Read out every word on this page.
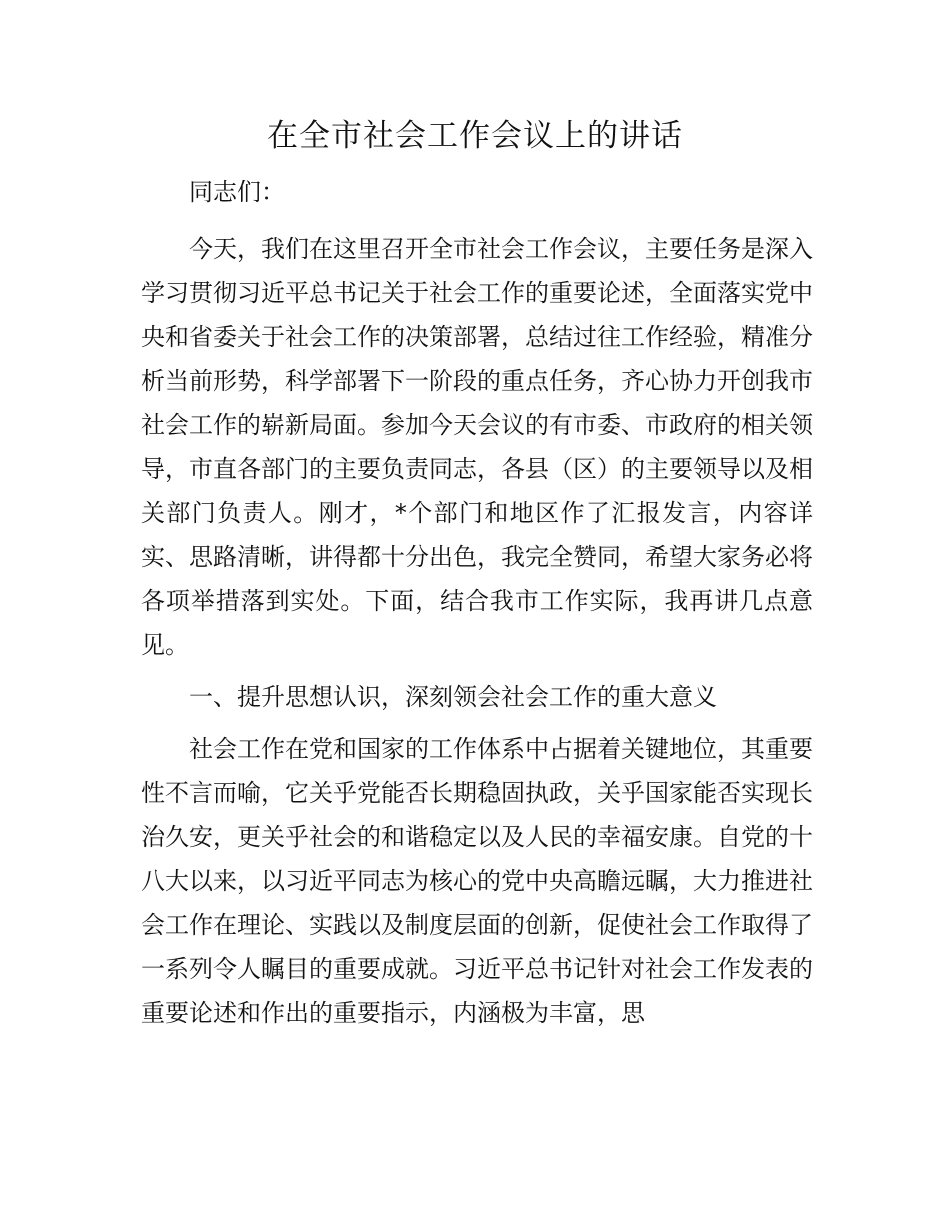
在全市社会工作会议上的讲话

同志们：

今天，我们在这里召开全市社会工作会议，主要任务是深入学习贯彻习近平总书记关于社会工作的重要论述，全面落实党中央和省委关于社会工作的决策部署，总结过往工作经验，精准分析当前形势，科学部署下一阶段的重点任务，齐心协力开创我市社会工作的崭新局面。参加今天会议的有市委、市政府的相关领导，市直各部门的主要负责同志，各县（区）的主要领导以及相关部门负责人。刚才，*个部门和地区作了汇报发言，内容详实、思路清晰，讲得都十分出色，我完全赞同，希望大家务必将各项举措落到实处。下面，结合我市工作实际，我再讲几点意见。

一、提升思想认识，深刻领会社会工作的重大意义

社会工作在党和国家的工作体系中占据着关键地位，其重要性不言而喻，它关乎党能否长期稳固执政，关乎国家能否实现长治久安，更关乎社会的和谐稳定以及人民的幸福安康。自党的十八大以来，以习近平同志为核心的党中央高瞻远瞩，大力推进社会工作在理论、实践以及制度层面的创新，促使社会工作取得了一系列令人瞩目的重要成就。习近平总书记针对社会工作发表的重要论述和作出的重要指示，内涵极为丰富，思
